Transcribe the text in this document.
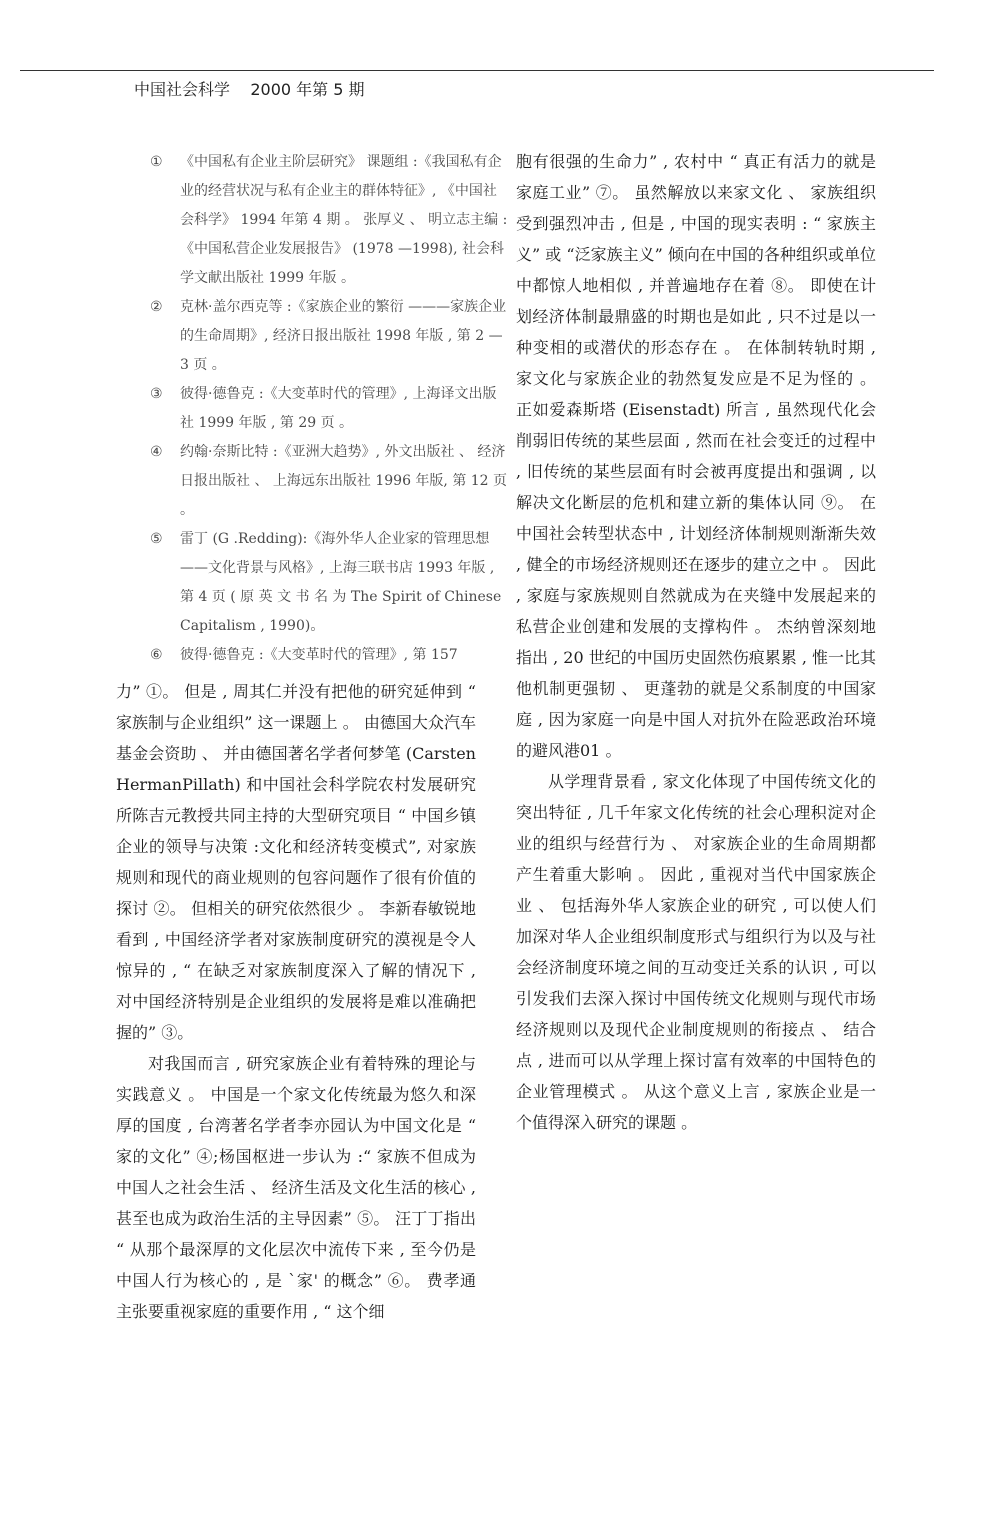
中国社会科学 2000 年第 5 期
①	《中国私有企业主阶层研究》 课题组 :《我国私有企业的经营状况与私有企业主的群体特征》, 《中国社会科学》 1994 年第 4 期 。 张厚义 、 明立志主编 :《中国私营企业发展报告》 (1978 —1998), 社会科学文献出版社 1999 年版 。
②	克林·盖尔西克等 :《家族企业的繁衍 ———家族企业的生命周期》, 经济日报出版社 1998 年版 , 第 2 — 3 页 。
③	彼得·德鲁克 :《大变革时代的管理》, 上海译文出版社 1999 年版 , 第 29 页 。
④	约翰·奈斯比特 :《亚洲大趋势》, 外文出版社 、 经济日报出版社 、 上海远东出版社 1996 年版, 第 12 页 。
⑤	雷丁 (G .Redding):《海外华人企业家的管理思想 ——文化背景与风格》, 上海三联书店 1993 年版 , 第 4 页 ( 原 英 文 书 名 为 The Spirit of Chinese Capitalism , 1990)。
⑥	彼得·德鲁克 :《大变革时代的管理》, 第 157

力” ①。 但是 , 周其仁并没有把他的研究延伸到 “ 家族制与企业组织” 这一课题上 。 由德国大众汽车基金会资助 、 并由德国著名学者何梦笔 (Carsten HermanPillath) 和中国社会科学院农村发展研究所陈吉元教授共同主持的大型研究项目 “ 中国乡镇企业的领导与决策 :文化和经济转变模式”, 对家族规则和现代的商业规则的包容问题作了很有价值的探讨 ②。 但相关的研究依然很少 。 李新春敏锐地看到 , 中国经济学者对家族制度研究的漠视是令人惊异的 , “ 在缺乏对家族制度深入了解的情况下 , 对中国经济特别是企业组织的发展将是难以准确把握的” ③。

对我国而言 , 研究家族企业有着特殊的理论与实践意义 。 中国是一个家文化传统最为悠久和深厚的国度 , 台湾著名学者李亦园认为中国文化是 “ 家的文化” ④;杨国枢进一步认为 :“ 家族不但成为中国人之社会生活 、 经济生活及文化生活的核心 , 甚至也成为政治生活的主导因素” ⑤。 汪丁丁指出 “ 从那个最深厚的文化层次中流传下来 , 至今仍是中国人行为核心的 , 是 `家' 的概念” ⑥。 费孝通主张要重视家庭的重要作用 , “ 这个细

胞有很强的生命力” , 农村中 “ 真正有活力的就是家庭工业” ⑦。 虽然解放以来家文化 、 家族组织受到强烈冲击 , 但是 , 中国的现实表明 : “ 家族主义” 或 “泛家族主义” 倾向在中国的各种组织或单位中都惊人地相似 , 并普遍地存在着 ⑧。 即使在计划经济体制最鼎盛的时期也是如此 , 只不过是以一种变相的或潜伏的形态存在 。 在体制转轨时期 , 家文化与家族企业的勃然复发应是不足为怪的 。 正如爱森斯塔 (Eisenstadt) 所言 , 虽然现代化会削弱旧传统的某些层面 , 然而在社会变迁的过程中 , 旧传统的某些层面有时会被再度提出和强调 , 以解决文化断层的危机和建立新的集体认同 ⑨。 在中国社会转型状态中 , 计划经济体制规则渐渐失效 , 健全的市场经济规则还在逐步的建立之中 。 因此 , 家庭与家族规则自然就成为在夹缝中发展起来的私营企业创建和发展的支撑构件 。 杰纳曾深刻地指出 , 20 世纪的中国历史固然伤痕累累 , 惟一比其他机制更强韧 、 更蓬勃的就是父系制度的中国家庭 , 因为家庭一向是中国人对抗外在险恶政治环境的避风港01 。

从学理背景看 , 家文化体现了中国传统文化的突出特征 , 几千年家文化传统的社会心理积淀对企业的组织与经营行为 、 对家族企业的生命周期都产生着重大影响 。 因此 , 重视对当代中国家族企业 、 包括海外华人家族企业的研究 , 可以使人们加深对华人企业组织制度形式与组织行为以及与社会经济制度环境之间的互动变迁关系的认识 , 可以引发我们去深入探讨中国传统文化规则与现代市场经济规则以及现代企业制度规则的衔接点 、 结合点 , 进而可以从学理上探讨富有效率的中国特色的企业管理模式 。 从这个意义上言 , 家族企业是一个值得深入研究的课题 。
